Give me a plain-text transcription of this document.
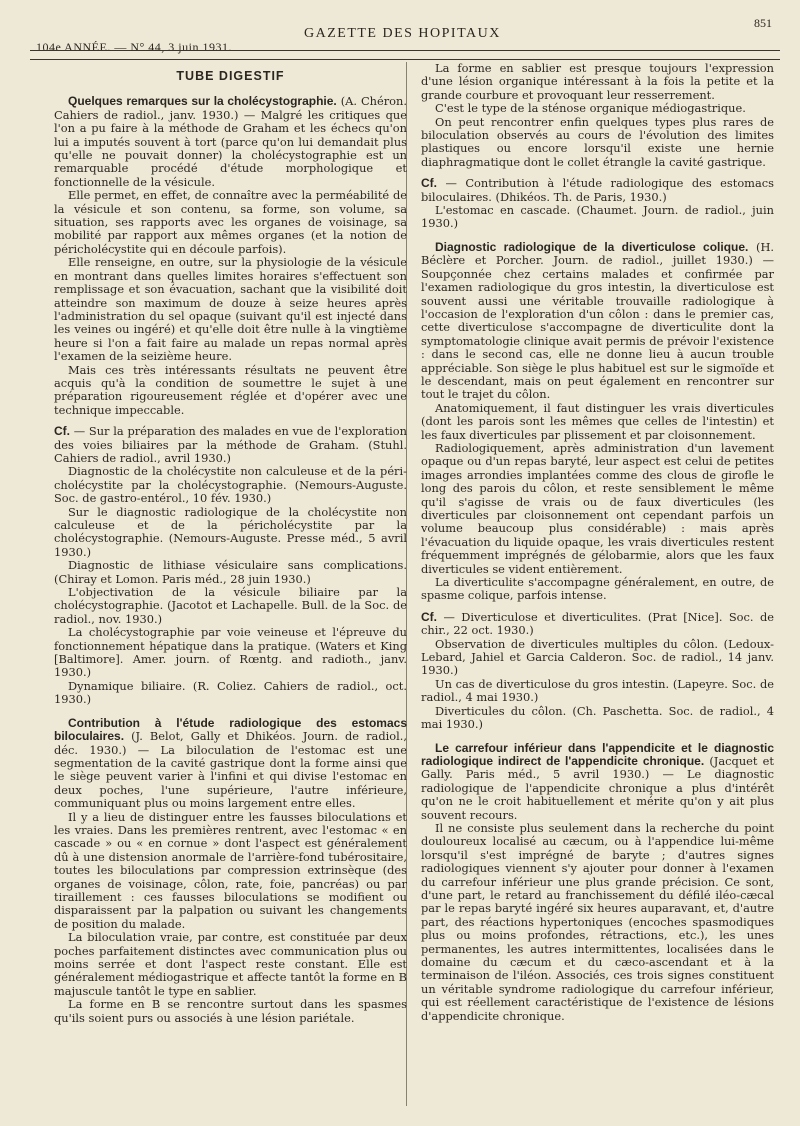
104e ANNÉE. — N° 44, 3 juin 1931.
GAZETTE DES HOPITAUX
851
TUBE DIGESTIF

Quelques remarques sur la cholécystographie. (A. Chéron. Cahiers de radiol., janv. 1930.) — Malgré les critiques que l'on a pu faire à la méthode de Graham et les échecs qu'on lui a imputés souvent à tort (parce qu'on lui demandait plus qu'elle ne pouvait donner) la cholécystographie est un remarquable procédé d'étude morphologique et fonctionnelle de la vésicule.

Elle permet, en effet, de connaître avec la perméabilité de la vésicule et son contenu, sa forme, son volume, sa situation, ses rapports avec les organes de voisinage, sa mobilité par rapport aux mêmes organes (et la notion de péricholécystite qui en découle parfois).

Elle renseigne, en outre, sur la physiologie de la vésicule en montrant dans quelles limites horaires s'effectuent son remplissage et son évacuation, sachant que la visibilité doit atteindre son maximum de douze à seize heures après l'administration du sel opaque (suivant qu'il est injecté dans les veines ou ingéré) et qu'elle doit être nulle à la vingtième heure si l'on a fait faire au malade un repas normal après l'examen de la seizième heure.

Mais ces très intéressants résultats ne peuvent être acquis qu'à la condition de soumettre le sujet à une préparation rigoureusement réglée et d'opérer avec une technique impeccable.

Cf. — Sur la préparation des malades en vue de l'exploration des voies biliaires par la méthode de Graham. (Stuhl. Cahiers de radiol., avril 1930.)

Diagnostic de la cholécystite non calculeuse et de la péri-cholécystite par la cholécystographie. (Nemours-Auguste. Soc. de gastro-entérol., 10 fév. 1930.)

Sur le diagnostic radiologique de la cholécystite non calculeuse et de la péricholécystite par la cholécystographie. (Nemours-Auguste. Presse méd., 5 avril 1930.)

Diagnostic de lithiase vésiculaire sans complications. (Chiray et Lomon. Paris méd., 28 juin 1930.)

L'objectivation de la vésicule biliaire par la cholécystographie. (Jacotot et Lachapelle. Bull. de la Soc. de radiol., nov. 1930.)

La cholécystographie par voie veineuse et l'épreuve du fonctionnement hépatique dans la pratique. (Waters et King [Baltimore]. Amer. journ. of Rœntg. and radioth., janv. 1930.)

Dynamique biliaire. (R. Coliez. Cahiers de radiol., oct. 1930.)

Contribution à l'étude radiologique des estomacs biloculaires. (J. Belot, Gally et Dhikéos. Journ. de radiol., déc. 1930.) — La biloculation de l'estomac est une segmentation de la cavité gastrique dont la forme ainsi que le siège peuvent varier à l'infini et qui divise l'estomac en deux poches, l'une supérieure, l'autre inférieure, communiquant plus ou moins largement entre elles.

Il y a lieu de distinguer entre les fausses biloculations et les vraies. Dans les premières rentrent, avec l'estomac « en cascade » ou « en cornue » dont l'aspect est généralement dû à une distension anormale de l'arrière-fond tubérositaire, toutes les biloculations par compression extrinsèque (des organes de voisinage, côlon, rate, foie, pancréas) ou par tiraillement : ces fausses biloculations se modifient ou disparaissent par la palpation ou suivant les changements de position du malade.

La biloculation vraie, par contre, est constituée par deux poches parfaitement distinctes avec communication plus ou moins serrée et dont l'aspect reste constant. Elle est généralement médiogastrique et affecte tantôt la forme en B majuscule tantôt le type en sablier.

La forme en B se rencontre surtout dans les spasmes qu'ils soient purs ou associés à une lésion pariétale.

La forme en sablier est presque toujours l'expression d'une lésion organique intéressant à la fois la petite et la grande courbure et provoquant leur resserrement.

C'est le type de la sténose organique médiogastrique.

On peut rencontrer enfin quelques types plus rares de biloculation observés au cours de l'évolution des limites plastiques ou encore lorsqu'il existe une hernie diaphragmatique dont le collet étrangle la cavité gastrique.

Cf. — Contribution à l'étude radiologique des estomacs biloculaires. (Dhikéos. Th. de Paris, 1930.)

L'estomac en cascade. (Chaumet. Journ. de radiol., juin 1930.)

Diagnostic radiologique de la diverticulose colique. (H. Béclère et Porcher. Journ. de radiol., juillet 1930.) — Soupçonnée chez certains malades et confirmée par l'examen radiologique du gros intestin, la diverticulose est souvent aussi une véritable trouvaille radiologique à l'occasion de l'exploration d'un côlon : dans le premier cas, cette diverticulose s'accompagne de diverticulite dont la symptomatologie clinique avait permis de prévoir l'existence : dans le second cas, elle ne donne lieu à aucun trouble appréciable. Son siège le plus habituel est sur le sigmoïde et le descendant, mais on peut également en rencontrer sur tout le trajet du côlon.

Anatomiquement, il faut distinguer les vrais diverticules (dont les parois sont les mêmes que celles de l'intestin) et les faux diverticules par plissement et par cloisonnement.

Radiologiquement, après administration d'un lavement opaque ou d'un repas baryté, leur aspect est celui de petites images arrondies implantées comme des clous de girofle le long des parois du côlon, et reste sensiblement le même qu'il s'agisse de vrais ou de faux diverticules (les diverticules par cloisonnement ont cependant parfois un volume beaucoup plus considérable) : mais après l'évacuation du liquide opaque, les vrais diverticules restent fréquemment imprégnés de gélobarmie, alors que les faux diverticules se vident entièrement.

La diverticulite s'accompagne généralement, en outre, de spasme colique, parfois intense.

Cf. — Diverticulose et diverticulites. (Prat [Nice]. Soc. de chir., 22 oct. 1930.)

Observation de diverticules multiples du côlon. (Ledoux-Lebard, Jahiel et Garcia Calderon. Soc. de radiol., 14 janv. 1930.)

Un cas de diverticulose du gros intestin. (Lapeyre. Soc. de radiol., 4 mai 1930.)

Diverticules du côlon. (Ch. Paschetta. Soc. de radiol., 4 mai 1930.)

Le carrefour inférieur dans l'appendicite et le diagnostic radiologique indirect de l'appendicite chronique. (Jacquet et Gally. Paris méd., 5 avril 1930.) — Le diagnostic radiologique de l'appendicite chronique a plus d'intérêt qu'on ne le croit habituellement et mérite qu'on y ait plus souvent recours.

Il ne consiste plus seulement dans la recherche du point douloureux localisé au cæcum, ou à l'appendice lui-même lorsqu'il s'est imprégné de baryte ; d'autres signes radiologiques viennent s'y ajouter pour donner à l'examen du carrefour inférieur une plus grande précision. Ce sont, d'une part, le retard au franchissement du défilé iléo-cæcal par le repas baryté ingéré six heures auparavant, et, d'autre part, des réactions hypertoniques (encoches spasmodiques plus ou moins profondes, rétractions, etc.), les unes permanentes, les autres intermittentes, localisées dans le domaine du cæcum et du cæco-ascendant et à la terminaison de l'iléon. Associés, ces trois signes constituent un véritable syndrome radiologique du carrefour inférieur, qui est réellement caractéristique de l'existence de lésions d'appendicite chronique.
